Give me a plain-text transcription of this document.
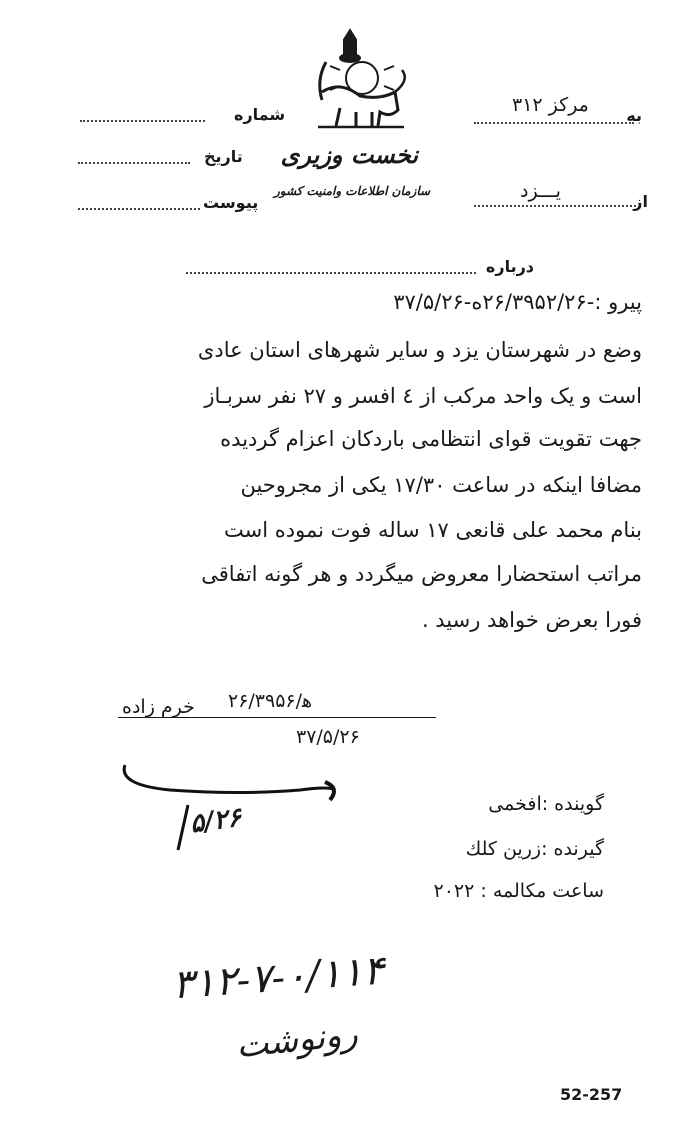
به
مرکز ۳۱۲
از
یـــزد
شماره
تاریخ
پیوست
نخست وزیری
سازمان اطلاعات وامنیت کشور
درباره
پیرو :‎۲‎۶‎/۳۹۵۲/۲۶‎-‎ه-۳۷/۵/۲۶
وضع در شهرستان یزد و سایر شهرهای استان عادی
است و یک واحد مرکب از ٤ افسر و ۲۷ نفر سربـاز
جهت تقویت قوای انتظامی باردکان اعزام گردیده
مضافا اینکه در ساعت ۱۷/۳۰ یکی از مجروحین
بنام محمد علی قانعی ۱۷ ساله فوت نموده است
مراتب استحضارا معروض میگردد و هر گونه اتفاقی
فورا بعرض خواهد رسید .
خرم زاده ه‍/۲۶/۳۹۵۶
۳۷/۵/۲۶
گوینده :افخمی
گیرنده :زرین کلك
ساعت مکالمه : ۲۰۲۲
۵/۲۶
۳۱۲-۷-۰/۱۱۴
رونوشت
52-257
